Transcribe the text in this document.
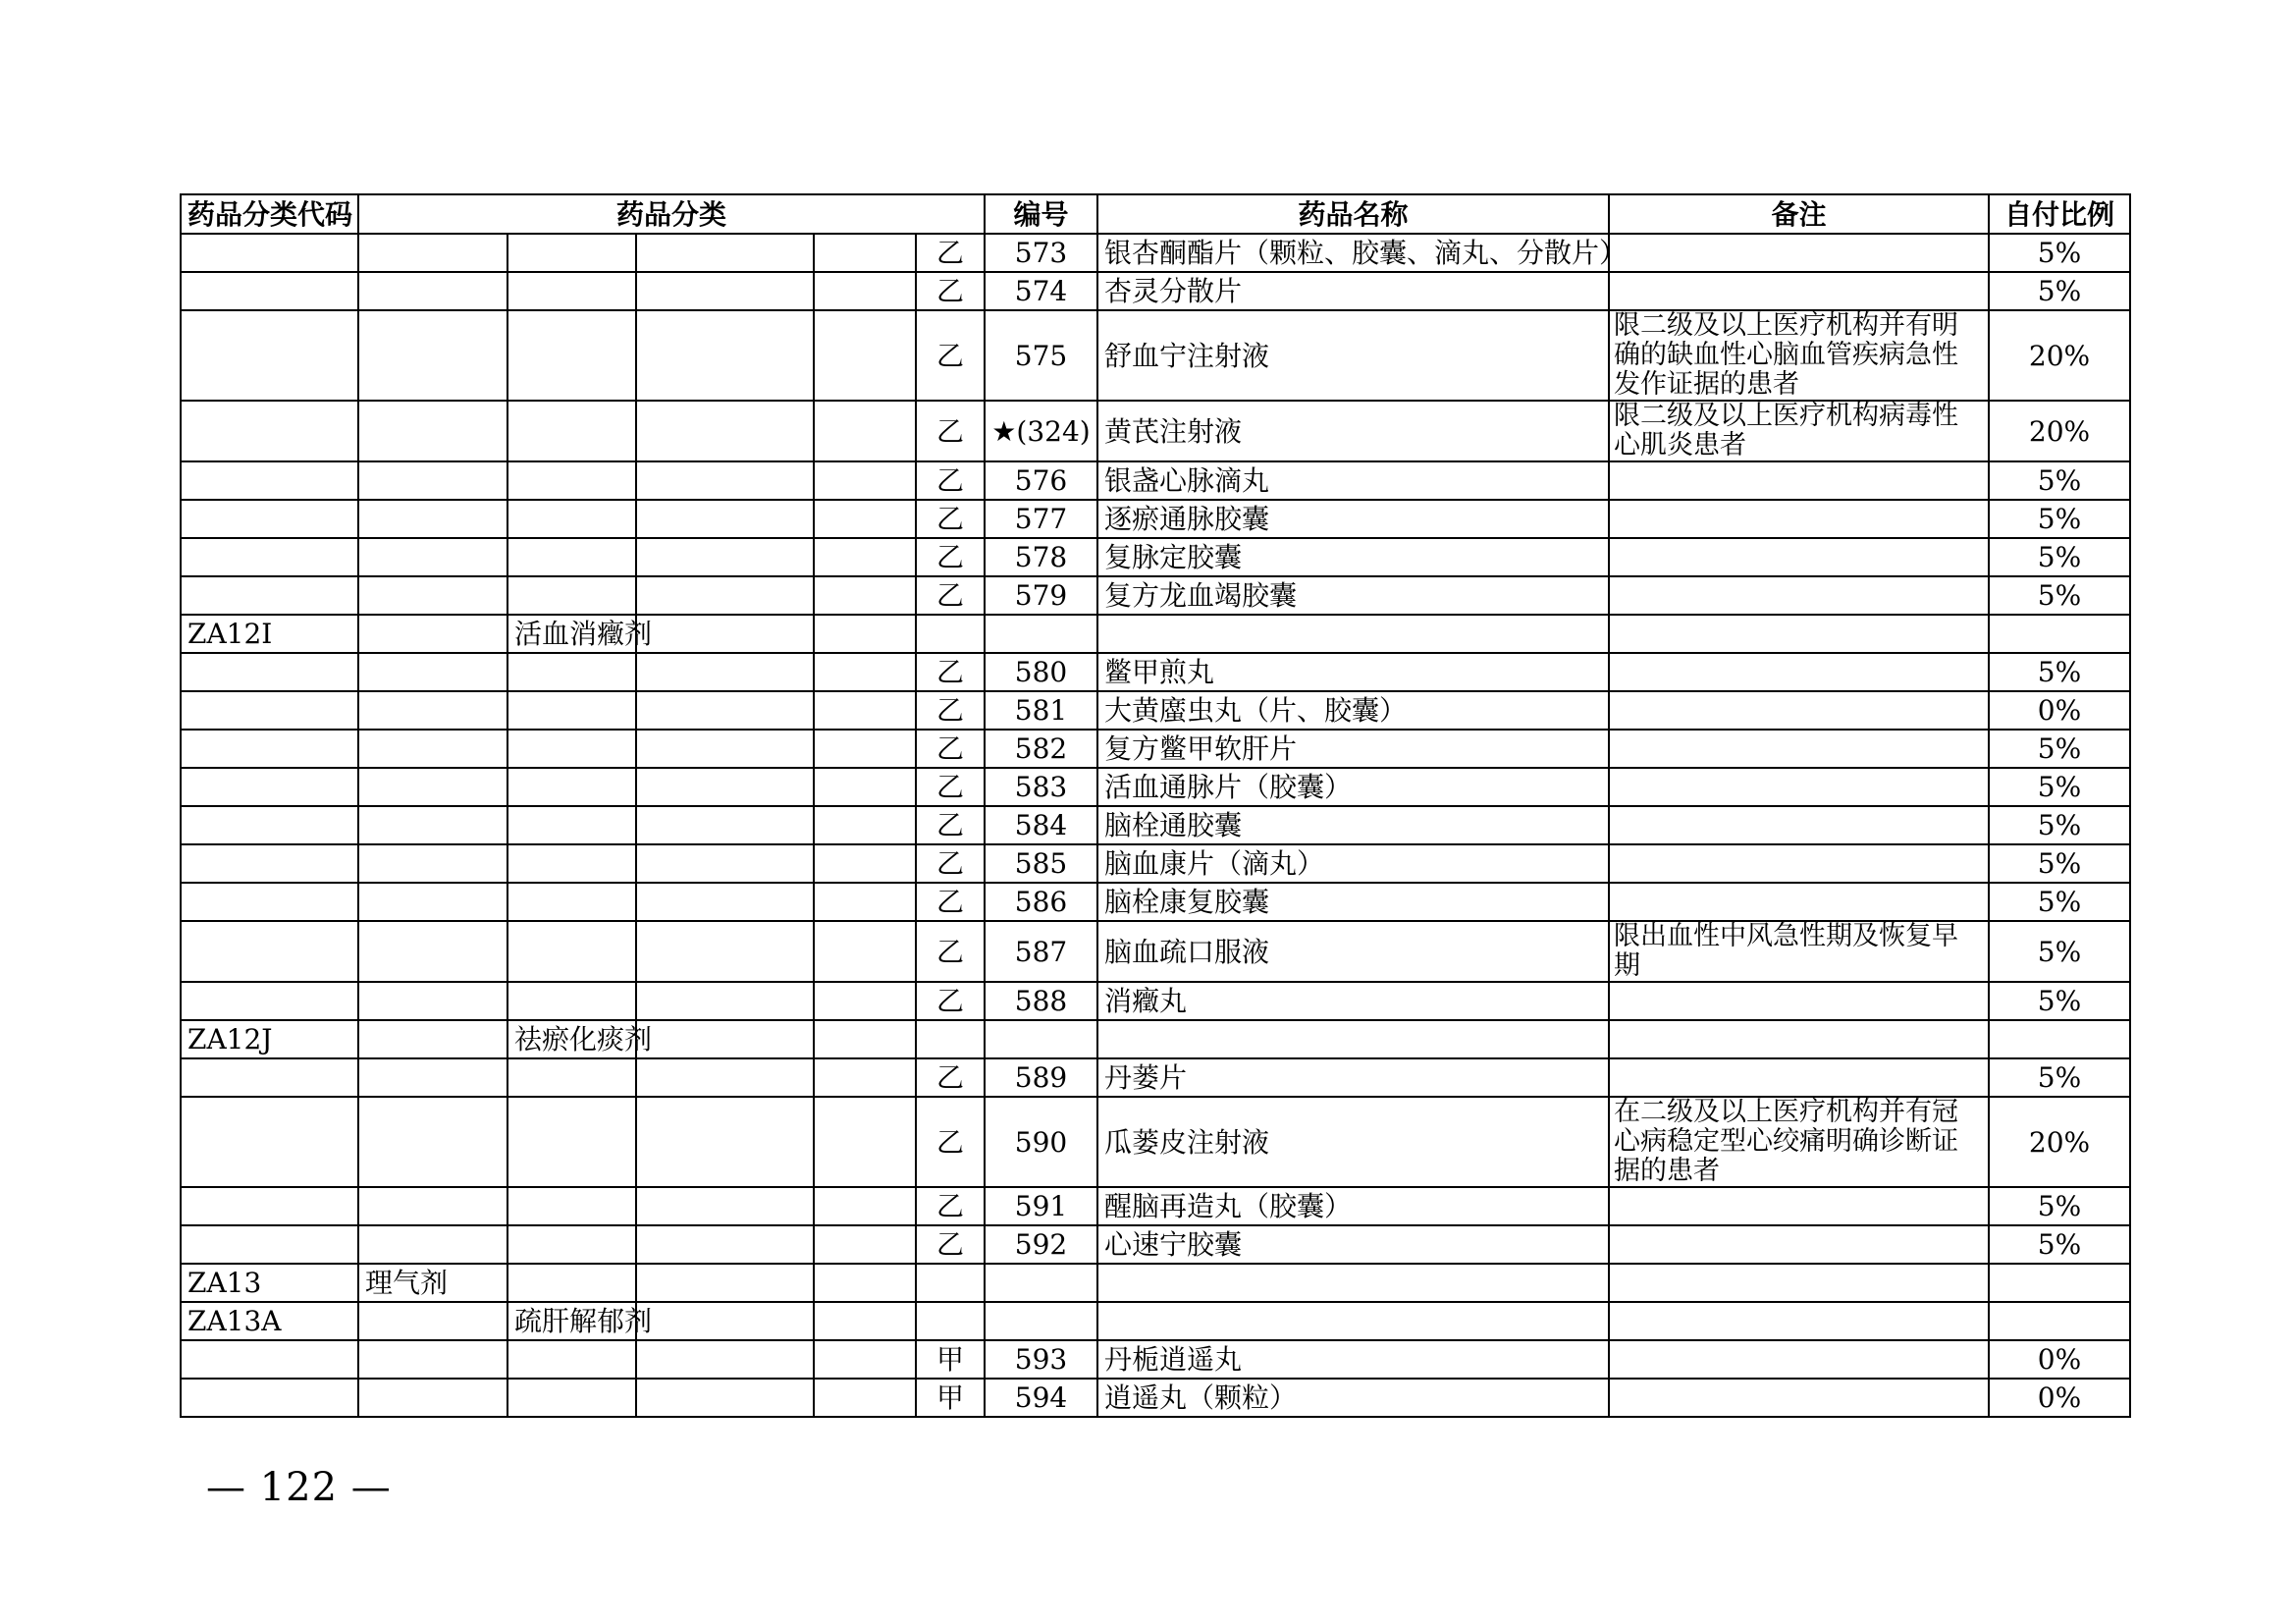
药品分类代码	药品分类					编号	药品名称	备注	自付比例
					乙	573	银杏酮酯片（颗粒、胶囊、滴丸、分散片）		5%
					乙	574	杏灵分散片		5%
					乙	575	舒血宁注射液	限二级及以上医疗机构并有明确的缺血性心脑血管疾病急性发作证据的患者	20%
					乙	★(324)	黄芪注射液	限二级及以上医疗机构病毒性心肌炎患者	20%
					乙	576	银盏心脉滴丸		5%
					乙	577	逐瘀通脉胶囊		5%
					乙	578	复脉定胶囊		5%
					乙	579	复方龙血竭胶囊		5%
ZA12I		活血消癥剂							
					乙	580	鳖甲煎丸		5%
					乙	581	大黄䗪虫丸（片、胶囊）		0%
					乙	582	复方鳖甲软肝片		5%
					乙	583	活血通脉片（胶囊）		5%
					乙	584	脑栓通胶囊		5%
					乙	585	脑血康片（滴丸）		5%
					乙	586	脑栓康复胶囊		5%
					乙	587	脑血疏口服液	限出血性中风急性期及恢复早期	5%
					乙	588	消癥丸		5%
ZA12J		祛瘀化痰剂							
					乙	589	丹蒌片		5%
					乙	590	瓜蒌皮注射液	在二级及以上医疗机构并有冠心病稳定型心绞痛明确诊断证据的患者	20%
					乙	591	醒脑再造丸（胶囊）		5%
					乙	592	心速宁胶囊		5%
ZA13	理气剂								
ZA13A		疏肝解郁剂							
					甲	593	丹栀逍遥丸		0%
					甲	594	逍遥丸（颗粒）		0%
— 122 —
